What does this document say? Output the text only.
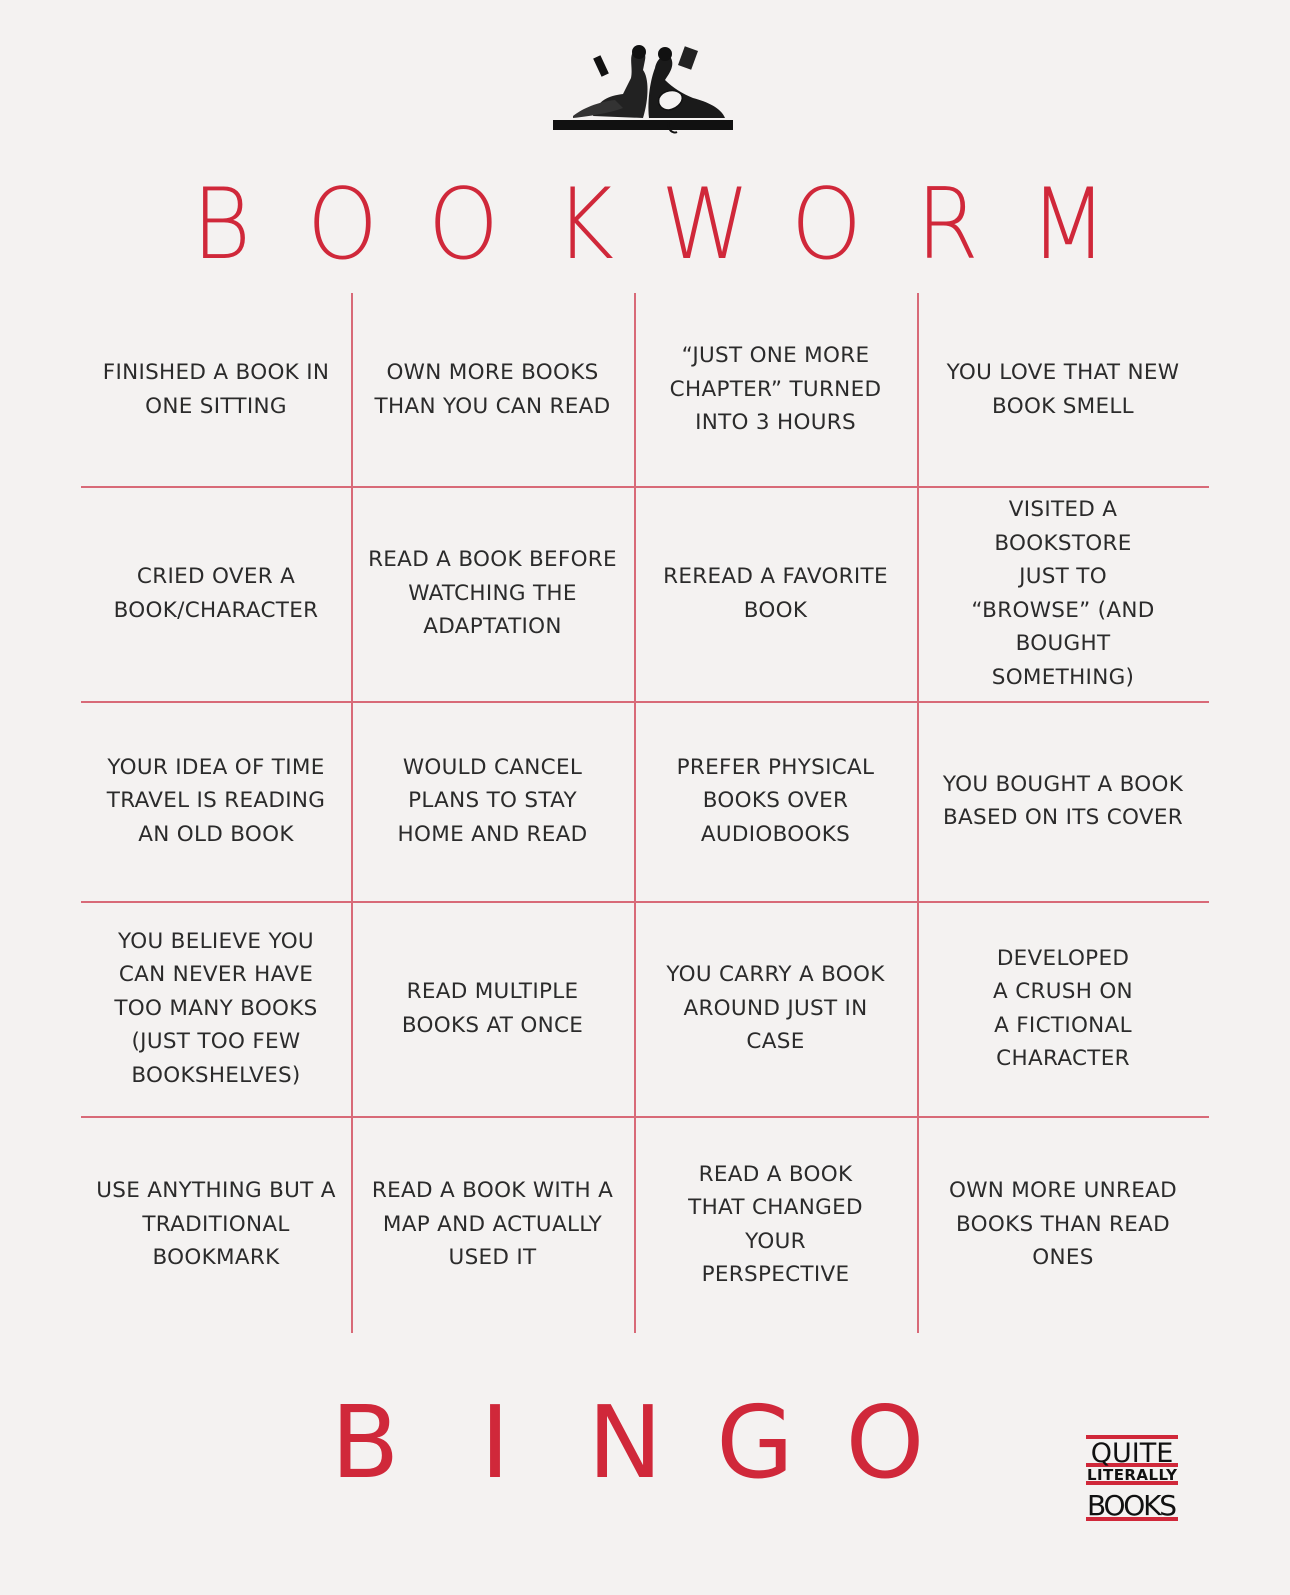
B O O K W O R M
FINISHED A BOOK IN ONE SITTING
OWN MORE BOOKS THAN YOU CAN READ
“JUST ONE MORE CHAPTER” TURNED INTO 3 HOURS
YOU LOVE THAT NEW BOOK SMELL
CRIED OVER A BOOK/CHARACTER
READ A BOOK BEFORE WATCHING THE ADAPTATION
REREAD A FAVORITE BOOK
VISITED A BOOKSTORE JUST TO “BROWSE” (AND BOUGHT SOMETHING)
YOUR IDEA OF TIME TRAVEL IS READING AN OLD BOOK
WOULD CANCEL PLANS TO STAY HOME AND READ
PREFER PHYSICAL BOOKS OVER AUDIOBOOKS
YOU BOUGHT A BOOK BASED ON ITS COVER
YOU BELIEVE YOU CAN NEVER HAVE TOO MANY BOOKS (JUST TOO FEW BOOKSHELVES)
READ MULTIPLE BOOKS AT ONCE
YOU CARRY A BOOK AROUND JUST IN CASE
DEVELOPED A CRUSH ON A FICTIONAL CHARACTER
USE ANYTHING BUT A TRADITIONAL BOOKMARK
READ A BOOK WITH A MAP AND ACTUALLY USED IT
READ A BOOK THAT CHANGED YOUR PERSPECTIVE
OWN MORE UNREAD BOOKS THAN READ ONES
B I N G O	QUITE
LITERALLY
BOOKS
